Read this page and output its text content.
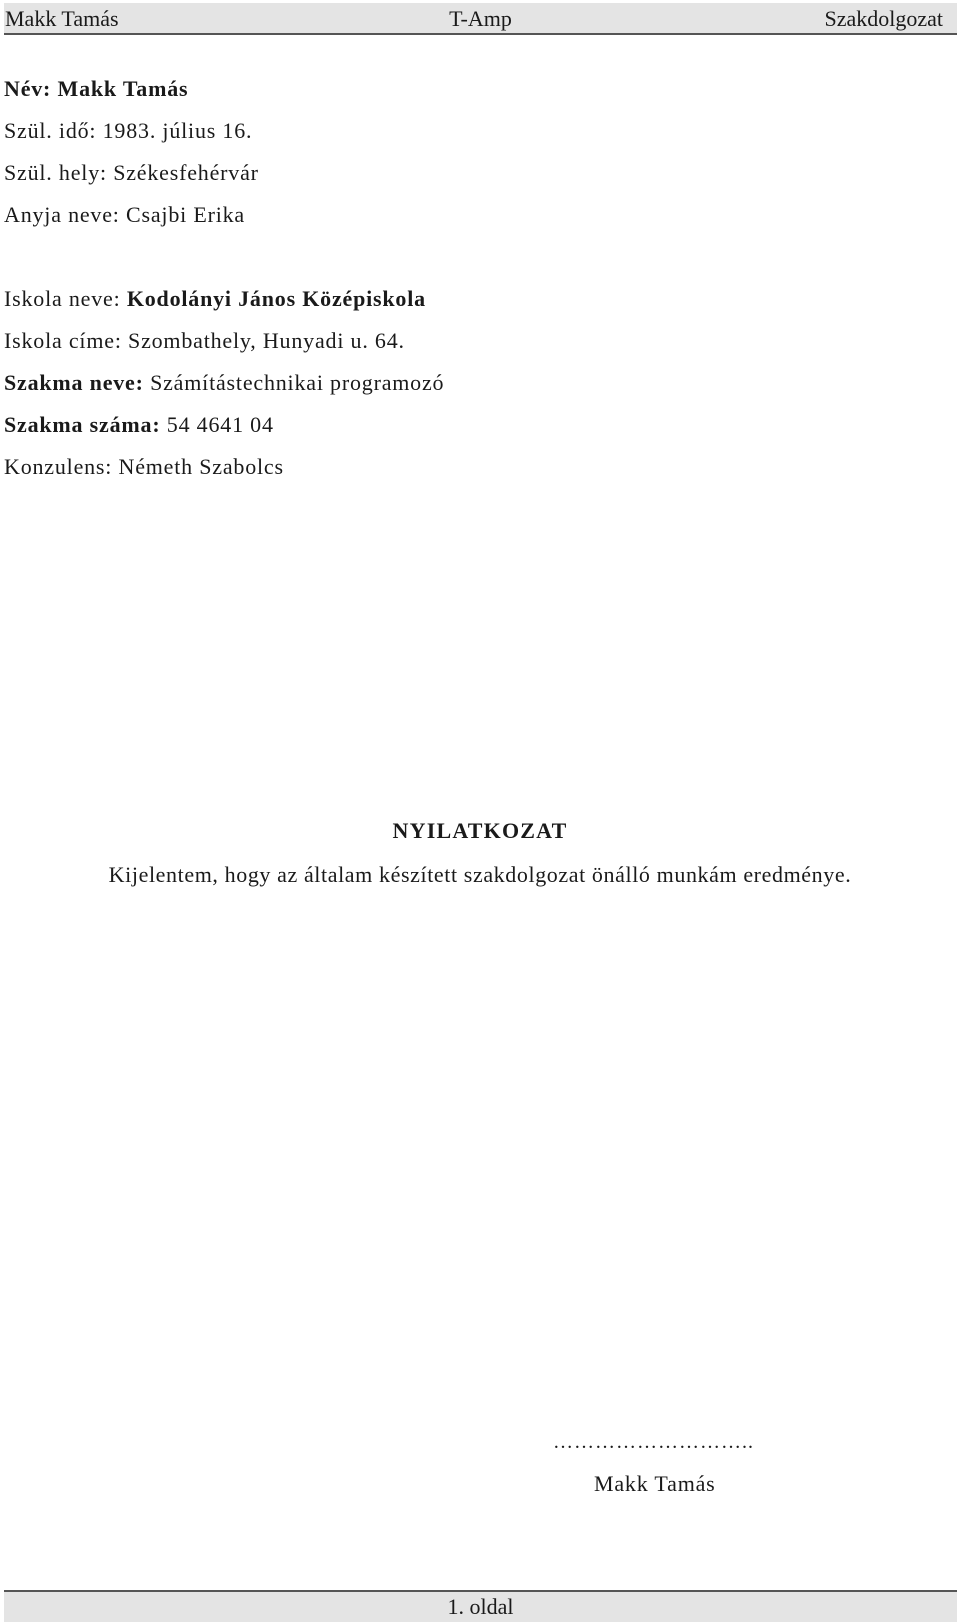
Makk Tamás	T-Amp	Szakdolgozat
Név: Makk Tamás
Szül. idő: 1983. július 16.
Szül. hely: Székesfehérvár
Anyja neve: Csajbi Erika
Iskola neve: Kodolányi János Középiskola
Iskola címe: Szombathely, Hunyadi u. 64.
Szakma neve: Számítástechnikai programozó
Szakma száma: 54 4641 04
Konzulens: Németh Szabolcs
NYILATKOZAT
Kijelentem, hogy az általam készített szakdolgozat önálló munkám eredménye.
………………………..
Makk Tamás
1. oldal
